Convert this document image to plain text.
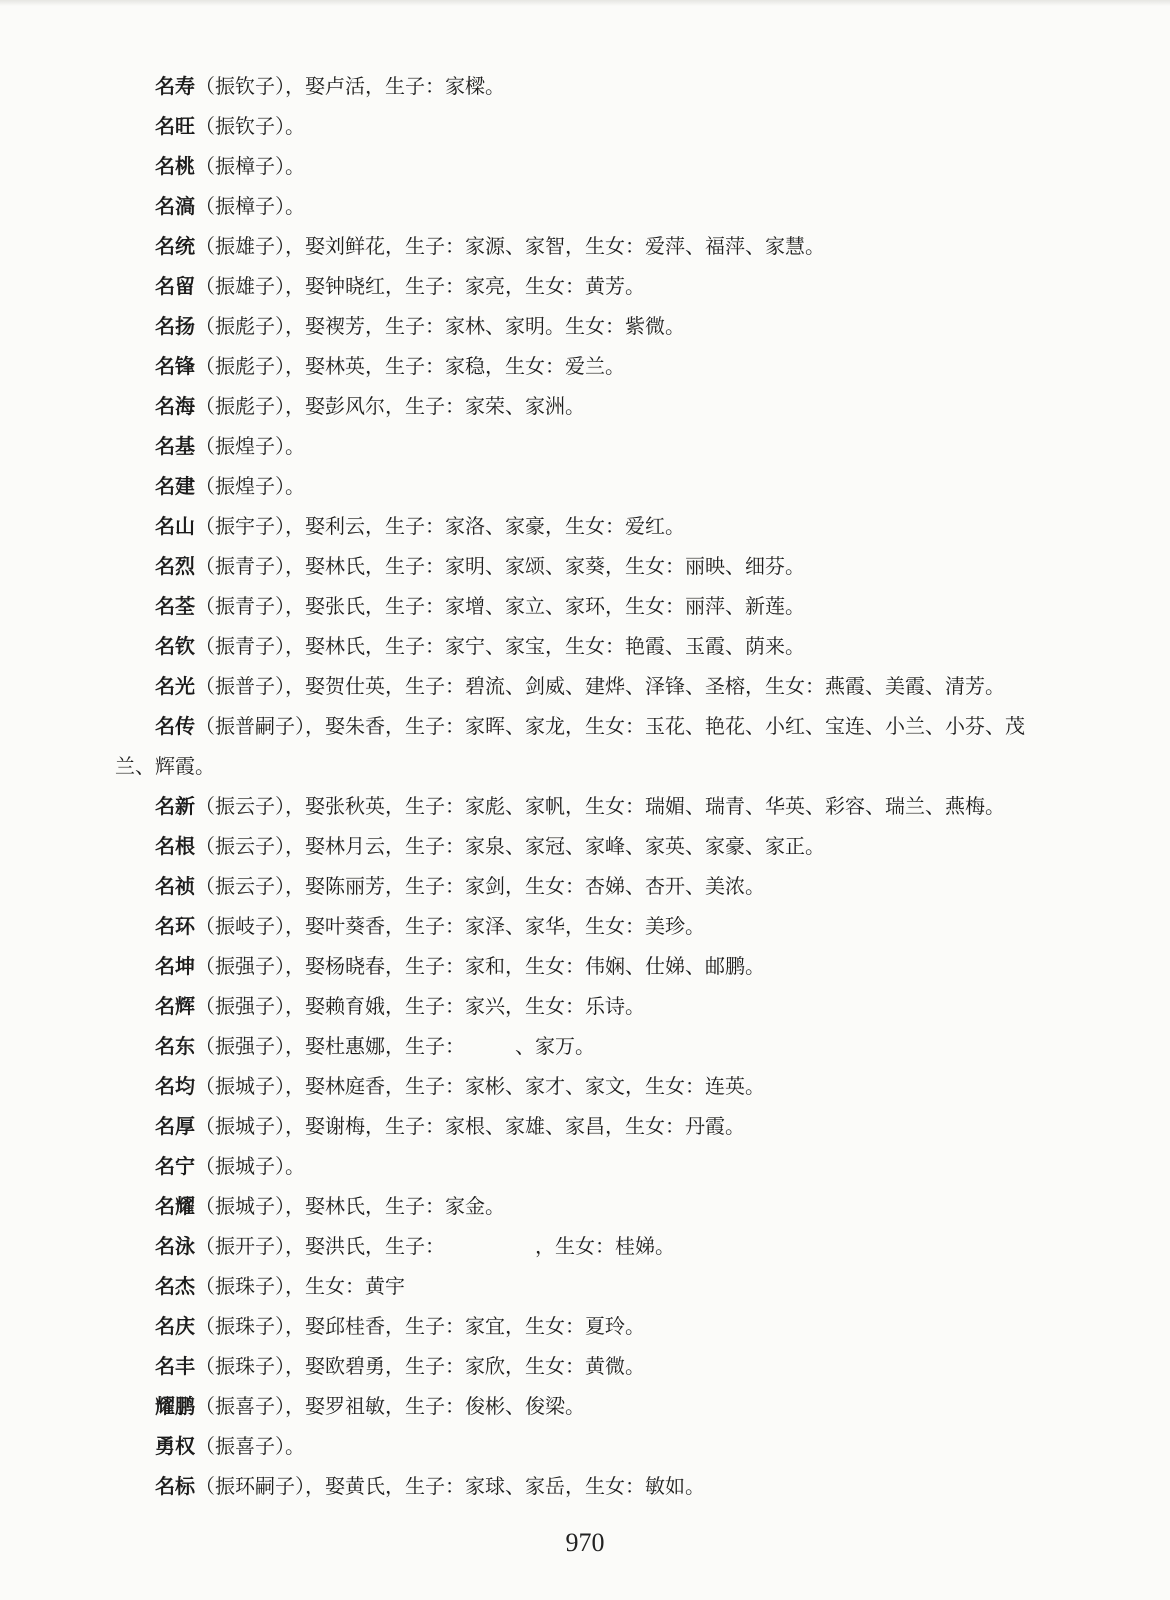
名寿（振钦子），娶卢活，生子：家樑。

名旺（振钦子）。

名桃（振樟子）。

名滈（振樟子）。

名统（振雄子），娶刘鲜花，生子：家源、家智，生女：爱萍、福萍、家慧。

名留（振雄子），娶钟晓红，生子：家亮，生女：黄芳。

名扬（振彪子），娶褉芳，生子：家林、家明。生女：紫微。

名锋（振彪子），娶林英，生子：家稳，生女：爱兰。

名海（振彪子），娶彭风尔，生子：家荣、家洲。

名基（振煌子）。

名建（振煌子）。

名山（振宇子），娶利云，生子：家洛、家豪，生女：爱红。

名烈（振青子），娶林氏，生子：家明、家颂、家葵，生女：丽映、细芬。

名荃（振青子），娶张氏，生子：家增、家立、家环，生女：丽萍、新莲。

名钦（振青子），娶林氏，生子：家宁、家宝，生女：艳霞、玉霞、荫来。

名光（振普子），娶贺仕英，生子：碧流、剑威、建烨、泽锋、圣榕，生女：燕霞、美霞、清芳。

名传（振普嗣子），娶朱香，生子：家晖、家龙，生女：玉花、艳花、小红、宝连、小兰、小芬、茂兰、辉霞。

名新（振云子），娶张秋英，生子：家彪、家帆，生女：瑞媚、瑞青、华英、彩容、瑞兰、燕梅。

名根（振云子），娶林月云，生子：家泉、家冠、家峰、家英、家豪、家正。

名祯（振云子），娶陈丽芳，生子：家剑，生女：杏娣、杏开、美浓。

名环（振岐子），娶叶葵香，生子：家泽、家华，生女：美珍。

名坤（振强子），娶杨晓春，生子：家和，生女：伟娴、仕娣、邮鹏。

名辉（振强子），娶赖育娥，生子：家兴，生女：乐诗。

名东（振强子），娶杜惠娜，生子：　　　、家万。

名均（振城子），娶林庭香，生子：家彬、家才、家文，生女：连英。

名厚（振城子），娶谢梅，生子：家根、家雄、家昌，生女：丹霞。

名宁（振城子）。

名耀（振城子），娶林氏，生子：家金。

名泳（振开子），娶洪氏，生子：　　　　　，生女：桂娣。

名杰（振珠子），生女：黄宇

名庆（振珠子），娶邱桂香，生子：家宜，生女：夏玲。

名丰（振珠子），娶欧碧勇，生子：家欣，生女：黄微。

耀鹏（振喜子），娶罗祖敏，生子：俊彬、俊梁。

勇权（振喜子）。

名标（振环嗣子），娶黄氏，生子：家球、家岳，生女：敏如。

970
